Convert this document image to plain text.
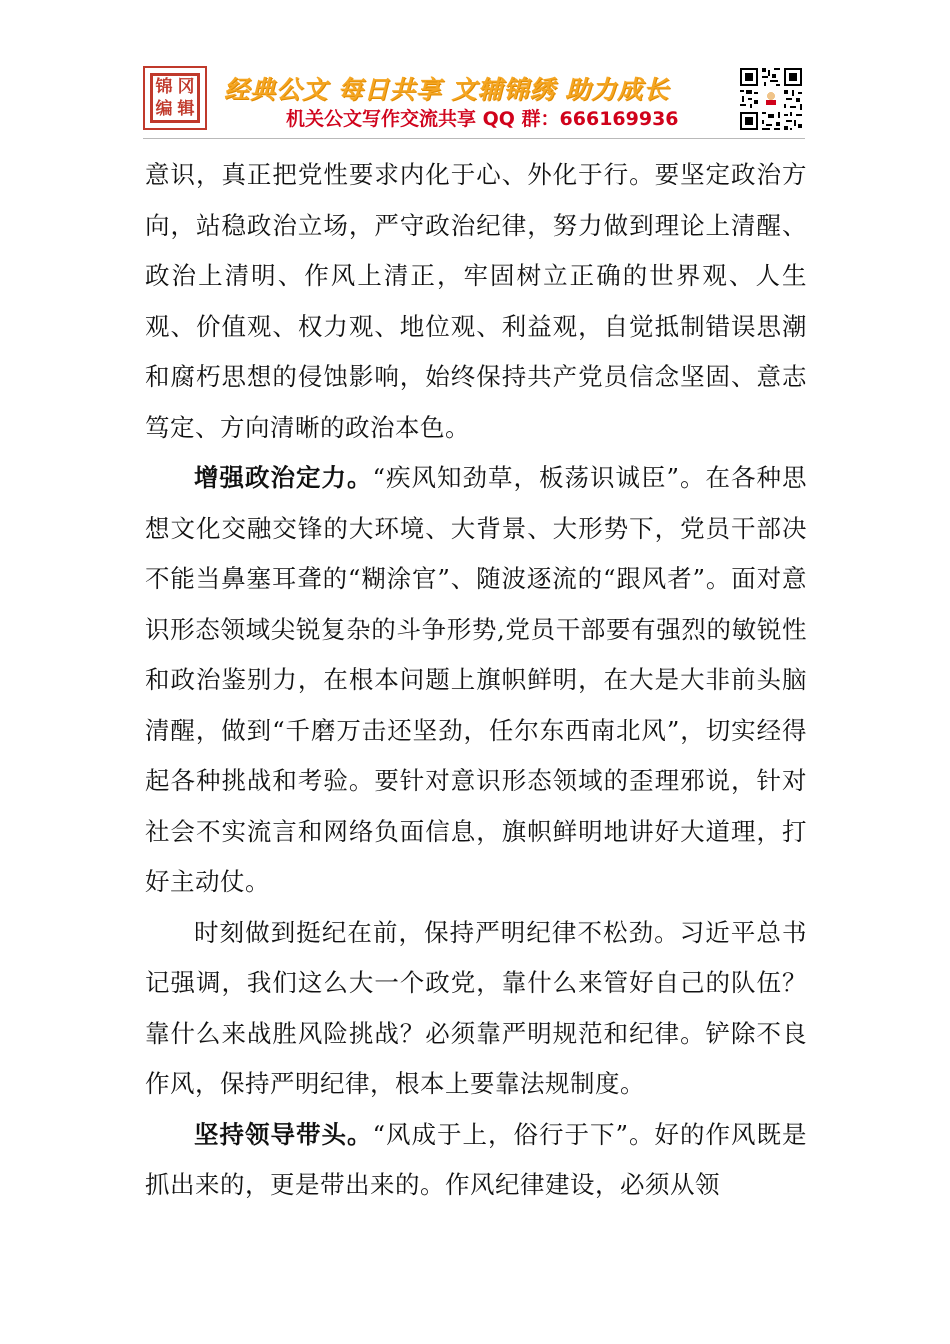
锦 冈
编 辑
经典公文 每日共享 文辅锦绣 助力成长
机关公文写作交流共享 QQ 群：666169936

意识，真正把党性要求内化于心、外化于行。要坚定政治方向，站稳政治立场，严守政治纪律，努力做到理论上清醒、政治上清明、作风上清正，牢固树立正确的世界观、人生观、价值观、权力观、地位观、利益观，自觉抵制错误思潮和腐朽思想的侵蚀影响，始终保持共产党员信念坚固、意志笃定、方向清晰的政治本色。

增强政治定力。“疾风知劲草，板荡识诚臣”。在各种思想文化交融交锋的大环境、大背景、大形势下，党员干部决不能当鼻塞耳聋的“糊涂官”、随波逐流的“跟风者”。面对意识形态领域尖锐复杂的斗争形势,党员干部要有强烈的敏锐性和政治鉴别力，在根本问题上旗帜鲜明，在大是大非前头脑清醒，做到“千磨万击还坚劲，任尔东西南北风”，切实经得起各种挑战和考验。要针对意识形态领域的歪理邪说，针对社会不实流言和网络负面信息，旗帜鲜明地讲好大道理，打好主动仗。

时刻做到挺纪在前，保持严明纪律不松劲。习近平总书记强调，我们这么大一个政党，靠什么来管好自己的队伍？靠什么来战胜风险挑战？必须靠严明规范和纪律。铲除不良作风，保持严明纪律，根本上要靠法规制度。

坚持领导带头。“风成于上，俗行于下”。好的作风既是抓出来的，更是带出来的。作风纪律建设，必须从领
